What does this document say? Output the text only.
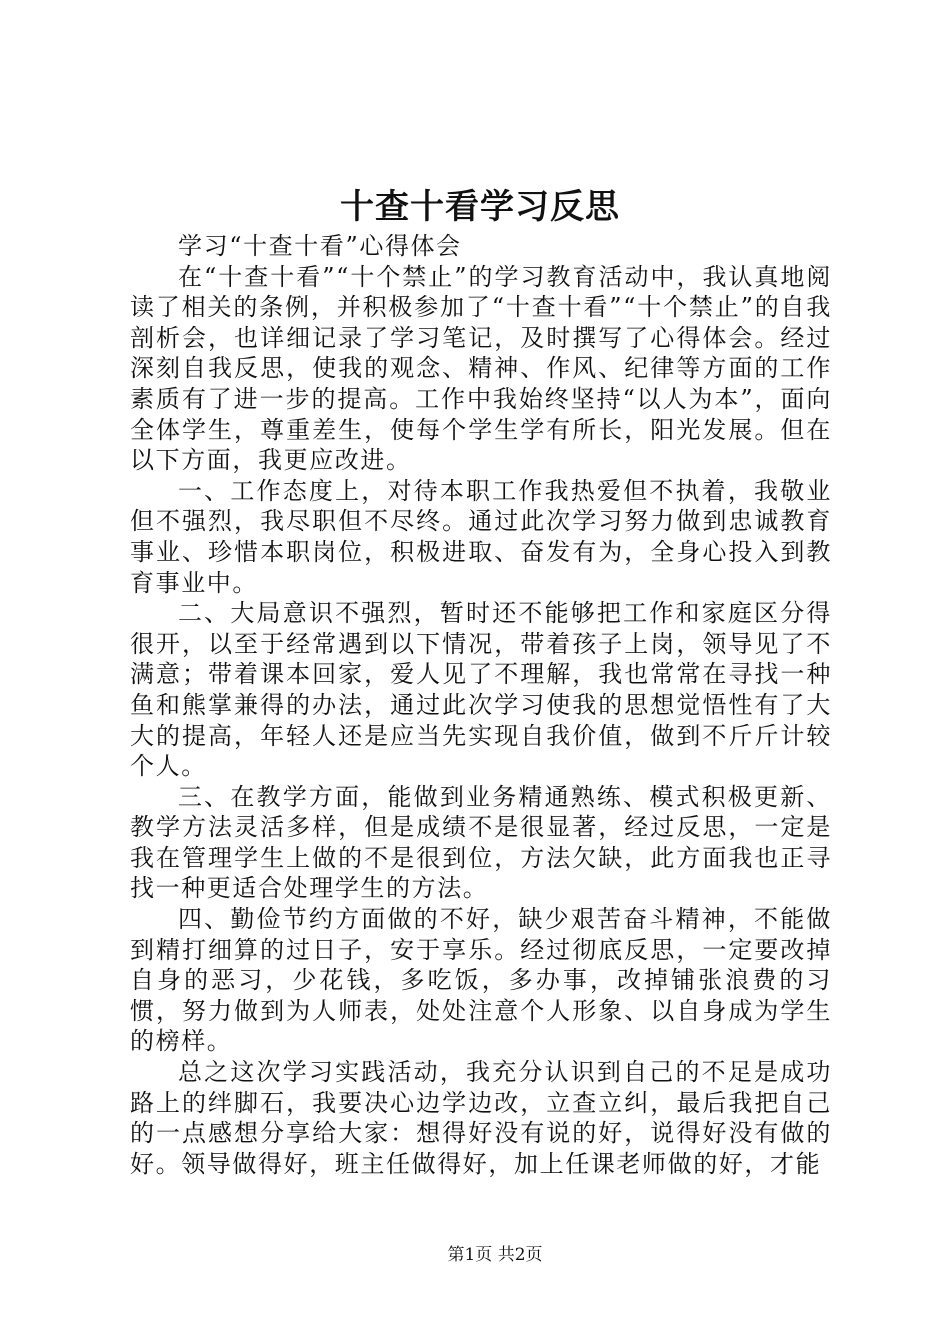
十查十看学习反思

学习“十查十看”心得体会

在“十查十看”“十个禁止”的学习教育活动中，我认真地阅读了相关的条例，并积极参加了“十查十看”“十个禁止”的自我剖析会，也详细记录了学习笔记，及时撰写了心得体会。经过深刻自我反思，使我的观念、精神、作风、纪律等方面的工作素质有了进一步的提高。工作中我始终坚持“以人为本”，面向全体学生，尊重差生，使每个学生学有所长，阳光发展。但在以下方面，我更应改进。

一、工作态度上，对待本职工作我热爱但不执着，我敬业但不强烈，我尽职但不尽终。通过此次学习努力做到忠诚教育事业、珍惜本职岗位，积极进取、奋发有为，全身心投入到教育事业中。

二、大局意识不强烈，暂时还不能够把工作和家庭区分得很开，以至于经常遇到以下情况，带着孩子上岗，领导见了不满意；带着课本回家，爱人见了不理解，我也常常在寻找一种鱼和熊掌兼得的办法，通过此次学习使我的思想觉悟性有了大大的提高，年轻人还是应当先实现自我价值，做到不斤斤计较个人。

三、在教学方面，能做到业务精通熟练、模式积极更新、教学方法灵活多样，但是成绩不是很显著，经过反思，一定是我在管理学生上做的不是很到位，方法欠缺，此方面我也正寻找一种更适合处理学生的方法。

四、勤俭节约方面做的不好，缺少艰苦奋斗精神，不能做到精打细算的过日子，安于享乐。经过彻底反思，一定要改掉自身的恶习，少花钱，多吃饭，多办事，改掉铺张浪费的习惯，努力做到为人师表，处处注意个人形象、以自身成为学生的榜样。

总之这次学习实践活动，我充分认识到自己的不足是成功路上的绊脚石，我要决心边学边改，立查立纠，最后我把自己的一点感想分享给大家：想得好没有说的好，说得好没有做的好。领导做得好，班主任做得好，加上任课老师做的好，才能

第1页 共2页
